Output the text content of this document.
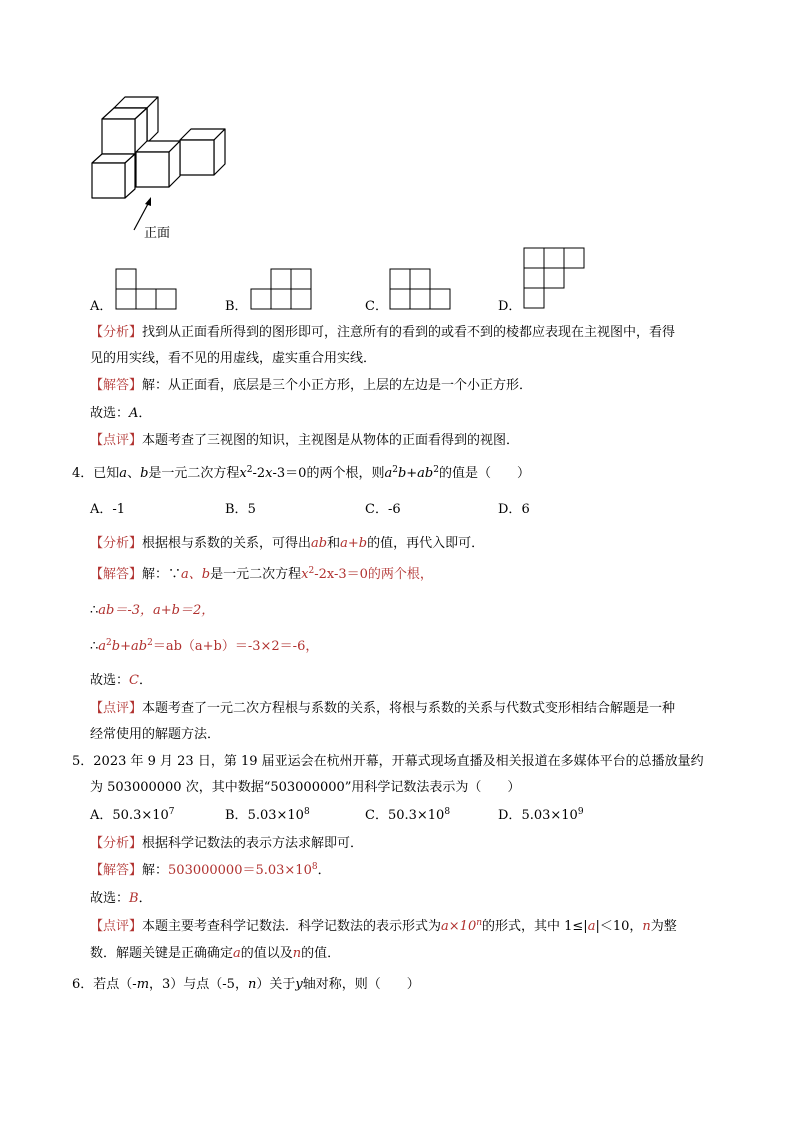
正面
A．	B．	C．	D．
【分析】找到从正面看所得到的图形即可，注意所有的看到的或看不到的棱都应表现在主视图中，看得
见的用实线，看不见的用虚线，虚实重合用实线．
【解答】解：从正面看，底层是三个小正方形，上层的左边是一个小正方形．
故选：A．
【点评】本题考查了三视图的知识，主视图是从物体的正面看得到的视图．
4．已知a、b是一元二次方程$x^2-2x-3=0$的两个根，则$a^2b+ab^2$的值是（　　）
A．-1	B．5	C．-6	D．6
【分析】根据根与系数的关系，可得出ab和a+b的值，再代入即可．
【解答】解：∵a、b是一元二次方程$x^2-2x-3=0$的两个根，
∴ab＝-3，a+b＝2，
$\therefore a^2b+ab^2=ab(a+b)=-3\times 2=-6$，
故选：C．
【点评】本题考查了一元二次方程根与系数的关系，将根与系数的关系与代数式变形相结合解题是一种
经常使用的解题方法．
5．2023 年 9 月 23 日，第 19 届亚运会在杭州开幕，开幕式现场直播及相关报道在多媒体平台的总播放量约
为 503000000 次，其中数据“503000000”用科学记数法表示为（　　）
A．$50.3\times 10^7$	B．$5.03\times 10^8$	C．$50.3\times 10^8$	D．$5.03\times 10^9$
【分析】根据科学记数法的表示方法求解即可．
【解答】解：$503000000=5.03\times 10^8$．
故选：B．
【点评】本题主要考查科学记数法．科学记数法的表示形式为$a\times 10^n$的形式，其中 1≤|a|＜10，n为整
数．解题关键是正确确定a的值以及n的值．
6．若点（-m，3）与点（-5，n）关于y轴对称，则（　　）
